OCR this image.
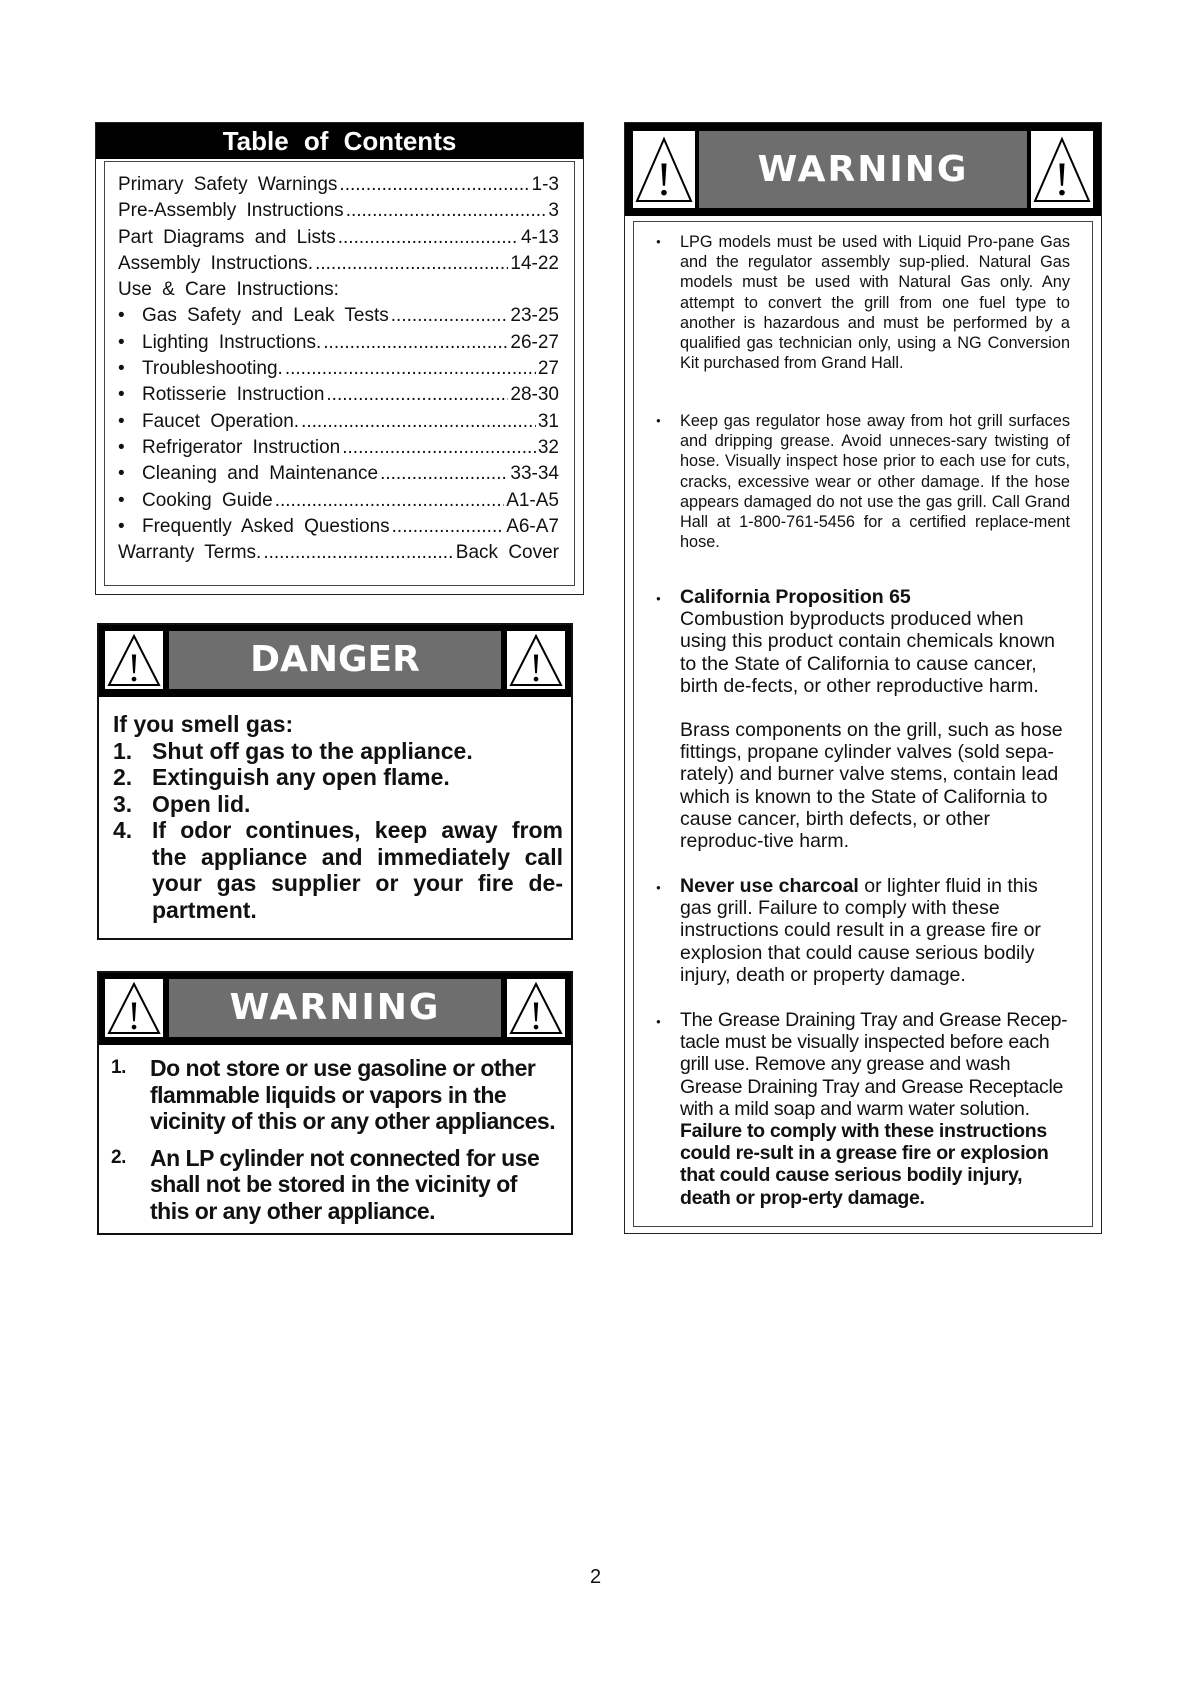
Table of Contents
Primary Safety Warnings .....	1-3
Pre-Assembly Instructions .....	3
Part Diagrams and Lists .....	4-13
Assembly Instructions. .....	14-22
Use & Care Instructions:
• Gas Safety and Leak Tests .....	23-25
• Lighting Instructions. .....	26-27
• Troubleshooting. .....	27
• Rotisserie Instruction .....	28-30
• Faucet Operation. .....	31
• Refrigerator Instruction .....	32
• Cleaning and Maintenance .....	33-34
• Cooking Guide .....	A1-A5
• Frequently Asked Questions .....	A6-A7
Warranty Terms. .....	Back Cover
!	DANGER	!
If you smell gas:
1. Shut off gas to the appliance.
2. Extinguish any open flame.
3. Open lid.
4. If odor continues, keep away from the appliance and immediately call your gas supplier or your fire de-partment.
!	WARNING	!
1.	Do not store or use gasoline or other flammable liquids or vapors in the vicinity of this or any other appliances.
2.	An LP cylinder not connected for use shall not be stored in the vicinity of this or any other appliance.
!	WARNING	!

● LPG models must be used with Liquid Pro-pane Gas and the regulator assembly sup-plied. Natural Gas models must be used with Natural Gas only. Any attempt to convert the grill from one fuel type to another is hazardous and must be performed by a qualified gas technician only, using a NG Conversion Kit purchased from Grand Hall.

● Keep gas regulator hose away from hot grill surfaces and dripping grease. Avoid unneces-sary twisting of hose. Visually inspect hose prior to each use for cuts, cracks, excessive wear or other damage. If the hose appears damaged do not use the gas grill. Call Grand Hall at 1-800-761-5456 for a certified replace-ment hose.

● California Proposition 65

Combustion byproducts produced when using this product contain chemicals known to the State of California to cause cancer, birth de-fects, or other reproductive harm.

Brass components on the grill, such as hose fittings, propane cylinder valves (sold sepa-rately) and burner valve stems, contain lead which is known to the State of California to cause cancer, birth defects, or other reproduc-tive harm.

● Never use charcoal or lighter fluid in this gas grill. Failure to comply with these instructions could result in a grease fire or explosion that could cause serious bodily injury, death or property damage.

● The Grease Draining Tray and Grease Recep-tacle must be visually inspected before each grill use. Remove any grease and wash Grease Draining Tray and Grease Receptacle with a mild soap and warm water solution. Failure to comply with these instructions could re-sult in a grease fire or explosion that could cause serious bodily injury, death or prop-erty damage.

2
